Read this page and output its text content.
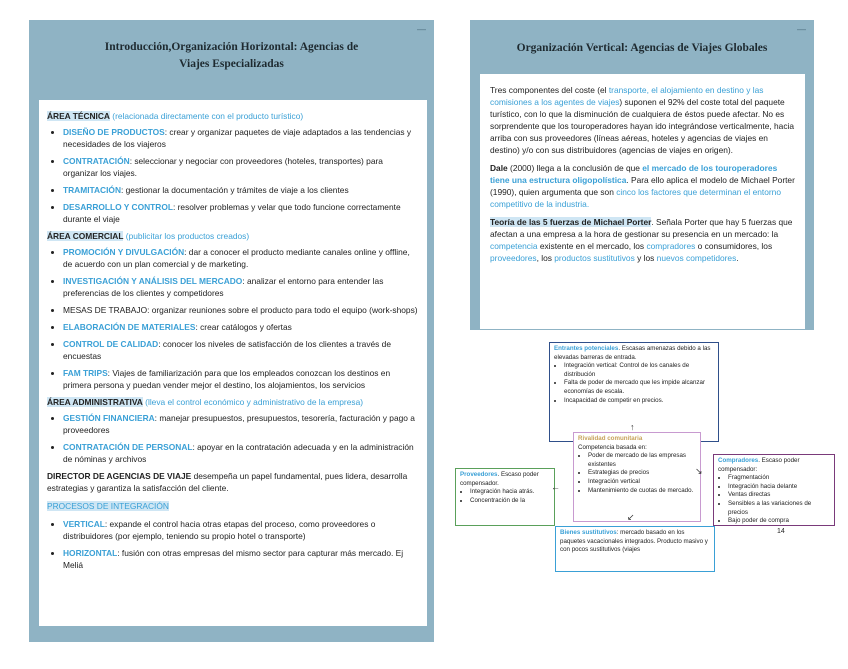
—
Introducción,Organización Horizontal: Agencias de
Viajes Especializadas
ÁREA TÉCNICA (relacionada directamente con el producto turístico)
• DISEÑO DE PRODUCTOS: crear y organizar paquetes de viaje adaptados a las tendencias y necesidades de los viajeros
• CONTRATACIÓN: seleccionar y negociar con proveedores (hoteles, transportes) para organizar los viajes.
• TRAMITACIÓN: gestionar la documentación y trámites de viaje a los clientes
• DESARROLLO Y CONTROL: resolver problemas y velar que todo funcione correctamente durante el viaje
ÁREA COMERCIAL (publicitar los productos creados)
• PROMOCIÓN Y DIVULGACIÓN: dar a conocer el producto mediante canales online y offline, de acuerdo con un plan comercial y de marketing.
• INVESTIGACIÓN Y ANÁLISIS DEL MERCADO: analizar el entorno para entender las preferencias de los clientes y competidores
• MESAS DE TRABAJO: organizar reuniones sobre el producto para todo el equipo (work-shops)
• ELABORACIÓN DE MATERIALES: crear catálogos y ofertas
• CONTROL DE CALIDAD: conocer los niveles de satisfacción de los clientes a través de encuestas
• FAM TRIPS: Viajes de familiarización para que los empleados conozcan los destinos en primera persona y puedan vender mejor el destino, los alojamientos, los servicios
ÁREA ADMINISTRATIVA (lleva el control económico y administrativo de la empresa)
• GESTIÓN FINANCIERA: manejar presupuestos, presupuestos, tesorería, facturación y pago a proveedores
• CONTRATACIÓN DE PERSONAL: apoyar en la contratación adecuada y en la administración de nóminas y archivos

DIRECTOR DE AGENCIAS DE VIAJE desempeña un papel fundamental, pues lidera, desarrolla estrategias y garantiza la satisfacción del cliente.

PROCESOS DE INTEGRACIÓN
• VERTICAL: expande el control hacia otras etapas del proceso, como proveedores o distribuidores (por ejemplo, teniendo su propio hotel o transporte)
• HORIZONTAL: fusión con otras empresas del mismo sector para capturar más mercado. Ej Meliá
—
Organización Vertical: Agencias de Viajes Globales

Tres componentes del coste (el transporte, el alojamiento en destino y las comisiones a los agentes de viajes) suponen el 92% del coste total del paquete turístico, con lo que la disminución de cualquiera de éstos puede afectar. No es sorprendente que los touroperadores hayan ido integrándose verticalmente, hacia arriba con sus proveedores (líneas aéreas, hoteles y agencias de viajes en destino) y/o con sus distribuidores (agencias de viajes en origen).

Dale (2000) llega a la conclusión de que el mercado de los touroperadores tiene una estructura oligopolística. Para ello aplica el modelo de Michael Porter (1990), quien argumenta que son cinco los factores que determinan el entorno competitivo de la industria.

Teoría de las 5 fuerzas de Michael Porter. Señala Porter que hay 5 fuerzas que afectan a una empresa a la hora de gestionar su presencia en un mercado: la competencia existente en el mercado, los compradores o consumidores, los proveedores, los productos sustitutivos y los nuevos competidores.

Entrantes potenciales. Escasas amenazas debido a las elevadas barreras de entrada.
• Integración vertical: Control de los canales de distribución
• Falta de poder de mercado que les impide alcanzar economías de escala.
• Incapacidad de competir en precios.
Proveedores. Escaso poder compensador.
• Integración hacia atrás.
• Concentración de la
Rivalidad comunitaria
Competencia basada en:
• Poder de mercado de las empresas existentes
• Estrategias de precios
• Integración vertical
• Mantenimiento de cuotas de mercado.
Compradores. Escaso poder compensador:
• Fragmentación
• Integración hacia delante
• Ventas directas
• Sensibles a las variaciones de precios
• Bajo poder de compra
Bienes sustitutivos: mercado basado en los paquetes vacacionales integrados. Producto masivo y con pocos sustitutivos (viajes
←
↘
↑
↙
14
